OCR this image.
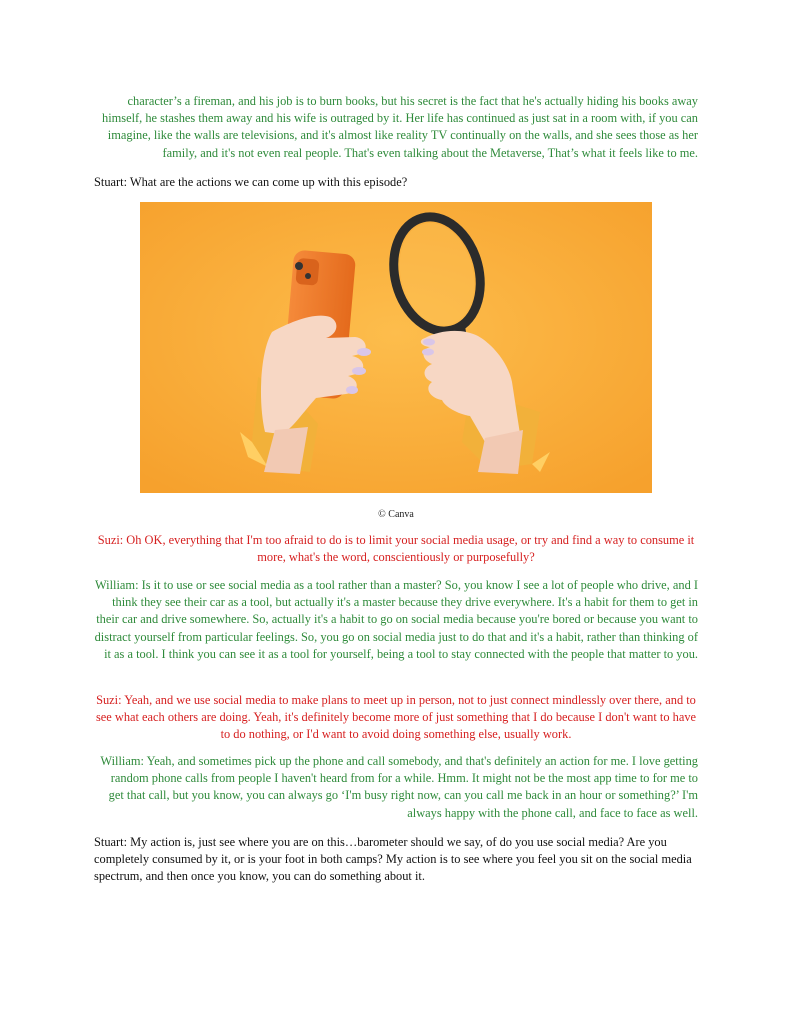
character’s a fireman, and his job is to burn books, but his secret is the fact that he's actually hiding his books away himself, he stashes them away and his wife is outraged by it. Her life has continued as just sat in a room with, if you can imagine, like the walls are televisions, and it's almost like reality TV continually on the walls, and she sees those as her family, and it's not even real people. That's even talking about the Metaverse, That’s what it feels like to me.

Stuart: What are the actions we can come up with this episode?

© Canva

Suzi: Oh OK, everything that I'm too afraid to do is to limit your social media usage, or try and find a way to consume it more, what's the word, conscientiously or purposefully?

William: Is it to use or see social media as a tool rather than a master? So, you know I see a lot of people who drive, and I think they see their car as a tool, but actually it's a master because they drive everywhere. It's a habit for them to get in their car and drive somewhere. So, actually it's a habit to go on social media because you're bored or because you want to distract yourself from particular feelings. So, you go on social media just to do that and it's a habit, rather than thinking of it as a tool. I think you can see it as a tool for yourself, being a tool to stay connected with the people that matter to you.

Suzi: Yeah, and we use social media to make plans to meet up in person, not to just connect mindlessly over there, and to see what each others are doing. Yeah, it's definitely become more of just something that I do because I don't want to have to do nothing, or I'd want to avoid doing something else, usually work.

William: Yeah, and sometimes pick up the phone and call somebody, and that's definitely an action for me. I love getting random phone calls from people I haven't heard from for a while. Hmm. It might not be the most app time to for me to get that call, but you know, you can always go ‘I'm busy right now, can you call me back in an hour or something?’ I'm always happy with the phone call, and face to face as well.

Stuart: My action is, just see where you are on this…barometer should we say, of do you use social media? Are you completely consumed by it, or is your foot in both camps? My action is to see where you feel you sit on the social media spectrum, and then once you know, you can do something about it.
